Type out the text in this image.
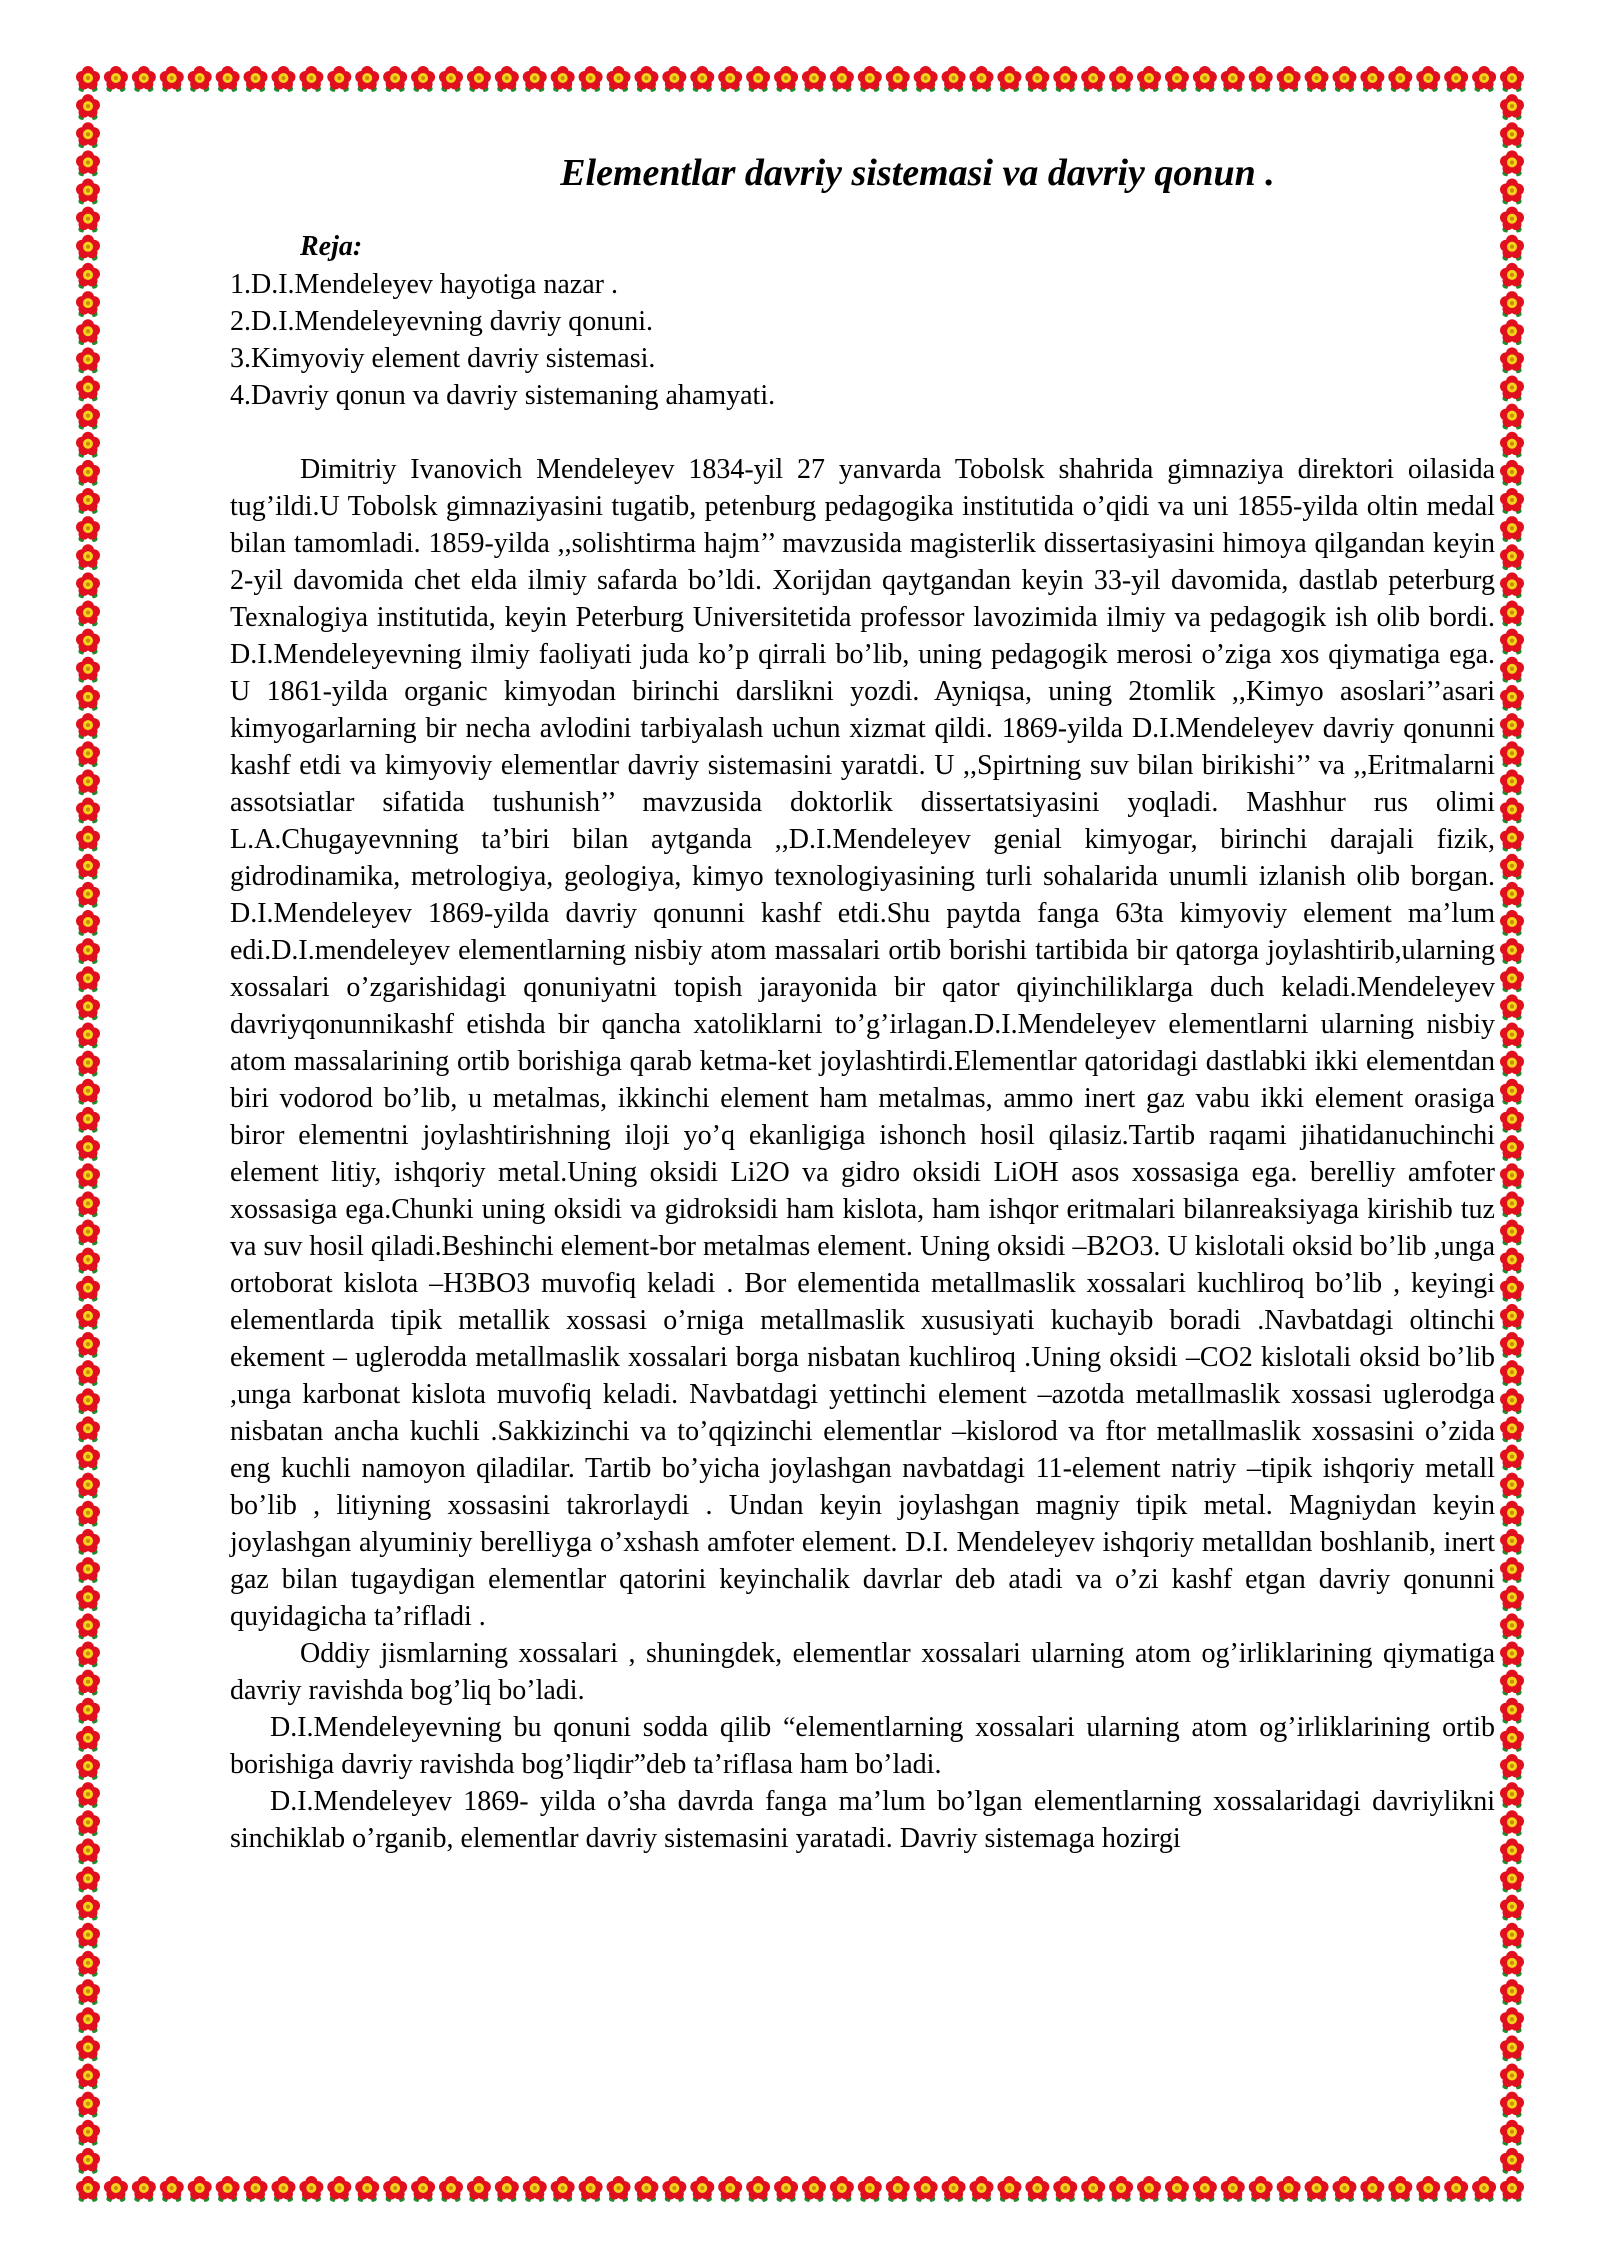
Elementlar davriy sistemasi va davriy qonun .
Reja:

1.D.I.Mendeleyev hayotiga nazar .

2.D.I.Mendeleyevning davriy qonuni.

3.Kimyoviy element davriy sistemasi.

4.Davriy qonun va davriy sistemaning ahamyati.

Dimitriy Ivanovich Mendeleyev 1834-yil 27 yanvarda Tobolsk shahrida gimnaziya direktori oilasida tug’ildi.U Tobolsk gimnaziyasini tugatib, petenburg pedagogika institutida o’qidi va uni 1855-yilda oltin medal bilan tamomladi. 1859-yilda ,,solishtirma hajm’’ mavzusida magisterlik dissertasiyasini himoya qilgandan keyin 2-yil davomida chet elda ilmiy safarda bo’ldi. Xorijdan qaytgandan keyin 33-yil davomida, dastlab peterburg Texnalogiya institutida, keyin Peterburg Universitetida professor lavozimida ilmiy va pedagogik ish olib bordi. D.I.Mendeleyevning ilmiy faoliyati juda ko’p qirrali bo’lib, uning pedagogik merosi o’ziga xos qiymatiga ega. U 1861-yilda organic kimyodan birinchi darslikni yozdi. Ayniqsa, uning 2tomlik ,,Kimyo asoslari’’asari kimyogarlarning bir necha avlodini tarbiyalash uchun xizmat qildi. 1869-yilda D.I.Mendeleyev davriy qonunni kashf etdi va kimyoviy elementlar davriy sistemasini yaratdi. U ,,Spirtning suv bilan birikishi’’ va ,,Eritmalarni assotsiatlar sifatida tushunish’’ mavzusida doktorlik dissertatsiyasini yoqladi. Mashhur rus olimi L.A.Chugayevnning ta’biri bilan aytganda ,,D.I.Mendeleyev genial kimyogar, birinchi darajali fizik, gidrodinamika, metrologiya, geologiya, kimyo texnologiyasining turli sohalarida unumli izlanish olib borgan. D.I.Mendeleyev 1869-yilda davriy qonunni kashf etdi.Shu paytda fanga 63ta kimyoviy element ma’lum edi.D.I.mendeleyev elementlarning nisbiy atom massalari ortib borishi tartibida bir qatorga joylashtirib,ularning xossalari o’zgarishidagi qonuniyatni topish jarayonida bir qator qiyinchiliklarga duch keladi.Mendeleyev davriyqonunnikashf etishda bir qancha xatoliklarni to’g’irlagan.D.I.Mendeleyev elementlarni ularning nisbiy atom massalarining ortib borishiga qarab ketma-ket joylashtirdi.Elementlar qatoridagi dastlabki ikki elementdan biri vodorod bo’lib, u metalmas, ikkinchi element ham metalmas, ammo inert gaz vabu ikki element orasiga biror elementni joylashtirishning iloji yo’q ekanligiga ishonch hosil qilasiz.Tartib raqami jihatidanuchinchi element litiy, ishqoriy metal.Uning oksidi Li2O va gidro oksidi LiOH asos xossasiga ega. berelliy amfoter xossasiga ega.Chunki uning oksidi va gidroksidi ham kislota, ham ishqor eritmalari bilanreaksiyaga kirishib tuz va suv hosil qiladi.Beshinchi element-bor metalmas element. Uning oksidi –B2O3. U kislotali oksid bo’lib ,unga ortoborat kislota –H3BO3 muvofiq keladi . Bor elementida metallmaslik xossalari kuchliroq bo’lib , keyingi elementlarda tipik metallik xossasi o’rniga metallmaslik xususiyati kuchayib boradi .Navbatdagi oltinchi ekement – uglerodda metallmaslik xossalari borga nisbatan kuchliroq .Uning oksidi –CO2 kislotali oksid bo’lib ,unga karbonat kislota muvofiq keladi. Navbatdagi yettinchi element –azotda metallmaslik xossasi uglerodga nisbatan ancha kuchli .Sakkizinchi va to’qqizinchi elementlar –kislorod va ftor metallmaslik xossasini o’zida eng kuchli namoyon qiladilar. Tartib bo’yicha joylashgan navbatdagi 11-element natriy –tipik ishqoriy metall bo’lib , litiyning xossasini takrorlaydi . Undan keyin joylashgan magniy tipik metal. Magniydan keyin joylashgan alyuminiy berelliyga o’xshash amfoter element. D.I. Mendeleyev ishqoriy metalldan boshlanib, inert gaz bilan tugaydigan elementlar qatorini keyinchalik davrlar deb atadi va o’zi kashf etgan davriy qonunni quyidagicha ta’rifladi .

Oddiy jismlarning xossalari , shuningdek, elementlar xossalari ularning atom og’irliklarining qiymatiga davriy ravishda bog’liq bo’ladi.

D.I.Mendeleyevning bu qonuni sodda qilib “elementlarning xossalari ularning atom og’irliklarining ortib borishiga davriy ravishda bog’liqdir”deb ta’riflasa ham bo’ladi.

D.I.Mendeleyev 1869- yilda o’sha davrda fanga ma’lum bo’lgan elementlarning xossalaridagi davriylikni sinchiklab o’rganib, elementlar davriy sistemasini yaratadi. Davriy sistemaga hozirgi
